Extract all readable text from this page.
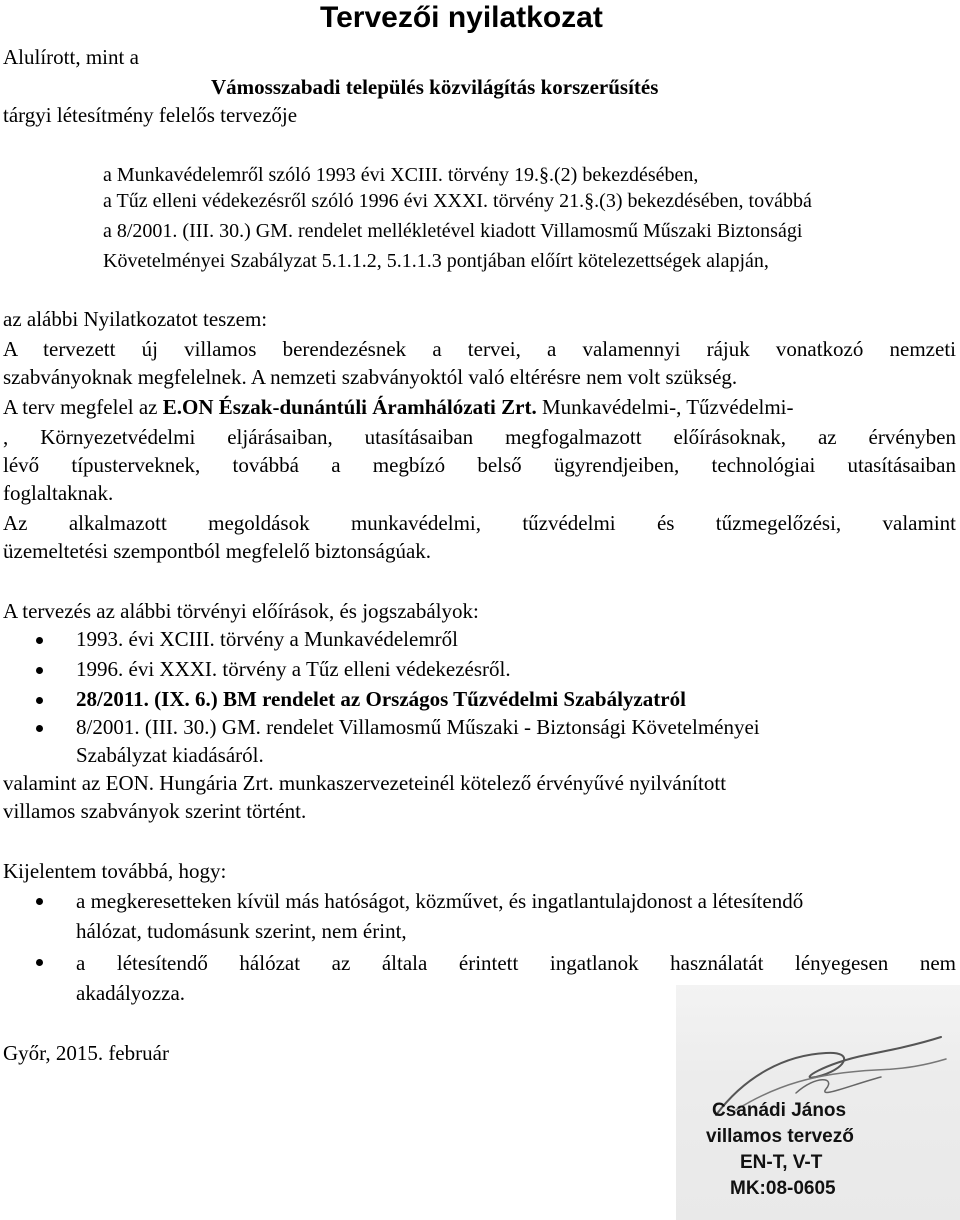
Tervezői nyilatkozat
Alulírott, mint a
Vámosszabadi település közvilágítás korszerűsítés
tárgyi létesítmény felelős tervezője
a Munkavédelemről szóló 1993 évi XCIII. törvény 19.§.(2) bekezdésében,
a Tűz elleni védekezésről szóló 1996 évi XXXI. törvény 21.§.(3) bekezdésében, továbbá
a 8/2001. (III. 30.) GM. rendelet mellékletével kiadott Villamosmű Műszaki Biztonsági
Követelményei Szabályzat 5.1.1.2, 5.1.1.3 pontjában előírt kötelezettségek alapján,
az alábbi Nyilatkozatot teszem:
A tervezett új villamos berendezésnek a tervei, a valamennyi rájuk vonatkozó nemzeti
szabványoknak megfelelnek. A nemzeti szabványoktól való eltérésre nem volt szükség.
A terv megfelel az E.ON Észak-dunántúli Áramhálózati Zrt. Munkavédelmi-, Tűzvédelmi-
, Környezetvédelmi eljárásaiban, utasításaiban megfogalmazott előírásoknak, az érvényben
lévő típusterveknek, továbbá a megbízó belső ügyrendjeiben, technológiai utasításaiban
foglaltaknak.
Az alkalmazott megoldások munkavédelmi, tűzvédelmi és tűzmegelőzési, valamint
üzemeltetési szempontból megfelelő biztonságúak.
A tervezés az alábbi törvényi előírások, és jogszabályok:
1993. évi XCIII. törvény a Munkavédelemről
1996. évi XXXI. törvény a Tűz elleni védekezésről.
28/2011. (IX. 6.) BM rendelet az Országos Tűzvédelmi Szabályzatról
8/2001. (III. 30.) GM. rendelet Villamosmű Műszaki - Biztonsági Követelményei
Szabályzat kiadásáról.
valamint az EON. Hungária Zrt. munkaszervezeteinél kötelező érvényűvé nyilvánított
villamos szabványok szerint történt.
Kijelentem továbbá, hogy:
a megkeresetteken kívül más hatóságot, közművet, és ingatlantulajdonost a létesítendő
hálózat, tudomásunk szerint, nem érint,
a létesítendő hálózat az általa érintett ingatlanok használatát lényegesen nem
akadályozza.
Győr, 2015. február
Csanádi János
villamos tervező
EN-T, V-T
MK:08-0605
